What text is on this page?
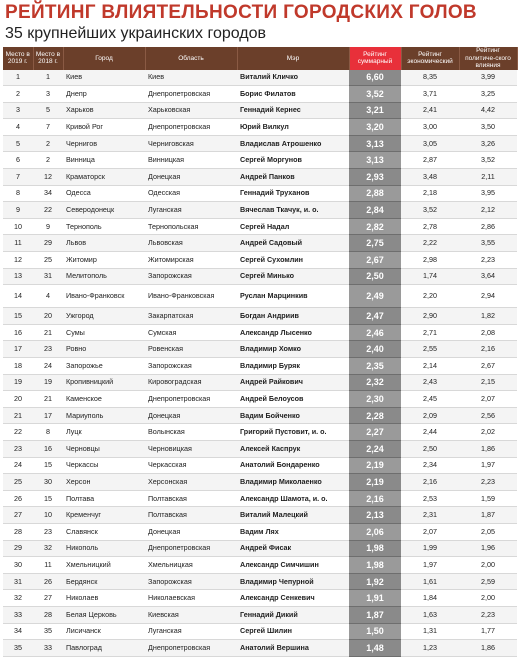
РЕЙТИНГ ВЛИЯТЕЛЬНОСТИ ГОРОДСКИХ ГОЛОВ
35 крупнейших украинских городов
Место в 2019 г.	Место в 2018 г.	Город	Область	Мэр	Рейтинг суммарный	Рейтинг экономический	Рейтинг политиче-ского влияния
1	1	Киев	Киев	Виталий Кличко	6,60	8,35	3,99
2	3	Днепр	Днепропетровская	Борис Филатов	3,52	3,71	3,25
3	5	Харьков	Харьковская	Геннадий Кернес	3,21	2,41	4,42
4	7	Кривой Рог	Днепропетровская	Юрий Вилкул	3,20	3,00	3,50
5	2	Чернигов	Черниговская	Владислав Атрошенко	3,13	3,05	3,26
6	2	Винница	Винницкая	Сергей Моргунов	3,13	2,87	3,52
7	12	Краматорск	Донецкая	Андрей Панков	2,93	3,48	2,11
8	34	Одесса	Одесская	Геннадий Труханов	2,88	2,18	3,95
9	22	Северодонецк	Луганская	Вячеслав Ткачук, и. о.	2,84	3,52	2,12
10	9	Тернополь	Тернопольская	Сергей Надал	2,82	2,78	2,86
11	29	Львов	Львовская	Андрей Садовый	2,75	2,22	3,55
12	25	Житомир	Житомирская	Сергей Сухомлин	2,67	2,98	2,23
13	31	Мелитополь	Запорожская	Сергей Минько	2,50	1,74	3,64
14	4	Ивано-Франковск	Ивано-Франковская	Руслан Марцинкив	2,49	2,20	2,94
15	20	Ужгород	Закарпатская	Богдан Андриив	2,47	2,90	1,82
16	21	Сумы	Сумская	Александр Лысенко	2,46	2,71	2,08
17	23	Ровно	Ровенская	Владимир Хомко	2,40	2,55	2,16
18	24	Запорожье	Запорожская	Владимир Буряк	2,35	2,14	2,67
19	19	Кропивницкий	Кировоградская	Андрей Райкович	2,32	2,43	2,15
20	21	Каменское	Днепропетровская	Андрей Белоусов	2,30	2,45	2,07
21	17	Мариуполь	Донецкая	Вадим Бойченко	2,28	2,09	2,56
22	8	Луцк	Волынская	Григорий Пустовит, и. о.	2,27	2,44	2,02
23	16	Черновцы	Черновицкая	Алексей Каспрук	2,24	2,50	1,86
24	15	Черкассы	Черкасская	Анатолий Бондаренко	2,19	2,34	1,97
25	30	Херсон	Херсонская	Владимир Миколаенко	2,19	2,16	2,23
26	15	Полтава	Полтавская	Александр Шамота, и. о.	2,16	2,53	1,59
27	10	Кременчуг	Полтавская	Виталий Малецкий	2,13	2,31	1,87
28	23	Славянск	Донецкая	Вадим Лях	2,06	2,07	2,05
29	32	Никополь	Днепропетровская	Андрей Фисак	1,98	1,99	1,96
30	11	Хмельницкий	Хмельницкая	Александр Симчишин	1,98	1,97	2,00
31	26	Бердянск	Запорожская	Владимир Чепурной	1,92	1,61	2,59
32	27	Николаев	Николаевская	Александр Сенкевич	1,91	1,84	2,00
33	28	Белая Церковь	Киевская	Геннадий Дикий	1,87	1,63	2,23
34	35	Лисичанск	Луганская	Сергей Шилин	1,50	1,31	1,77
35	33	Павлоград	Днепропетровская	Анатолий Вершина	1,48	1,23	1,86
